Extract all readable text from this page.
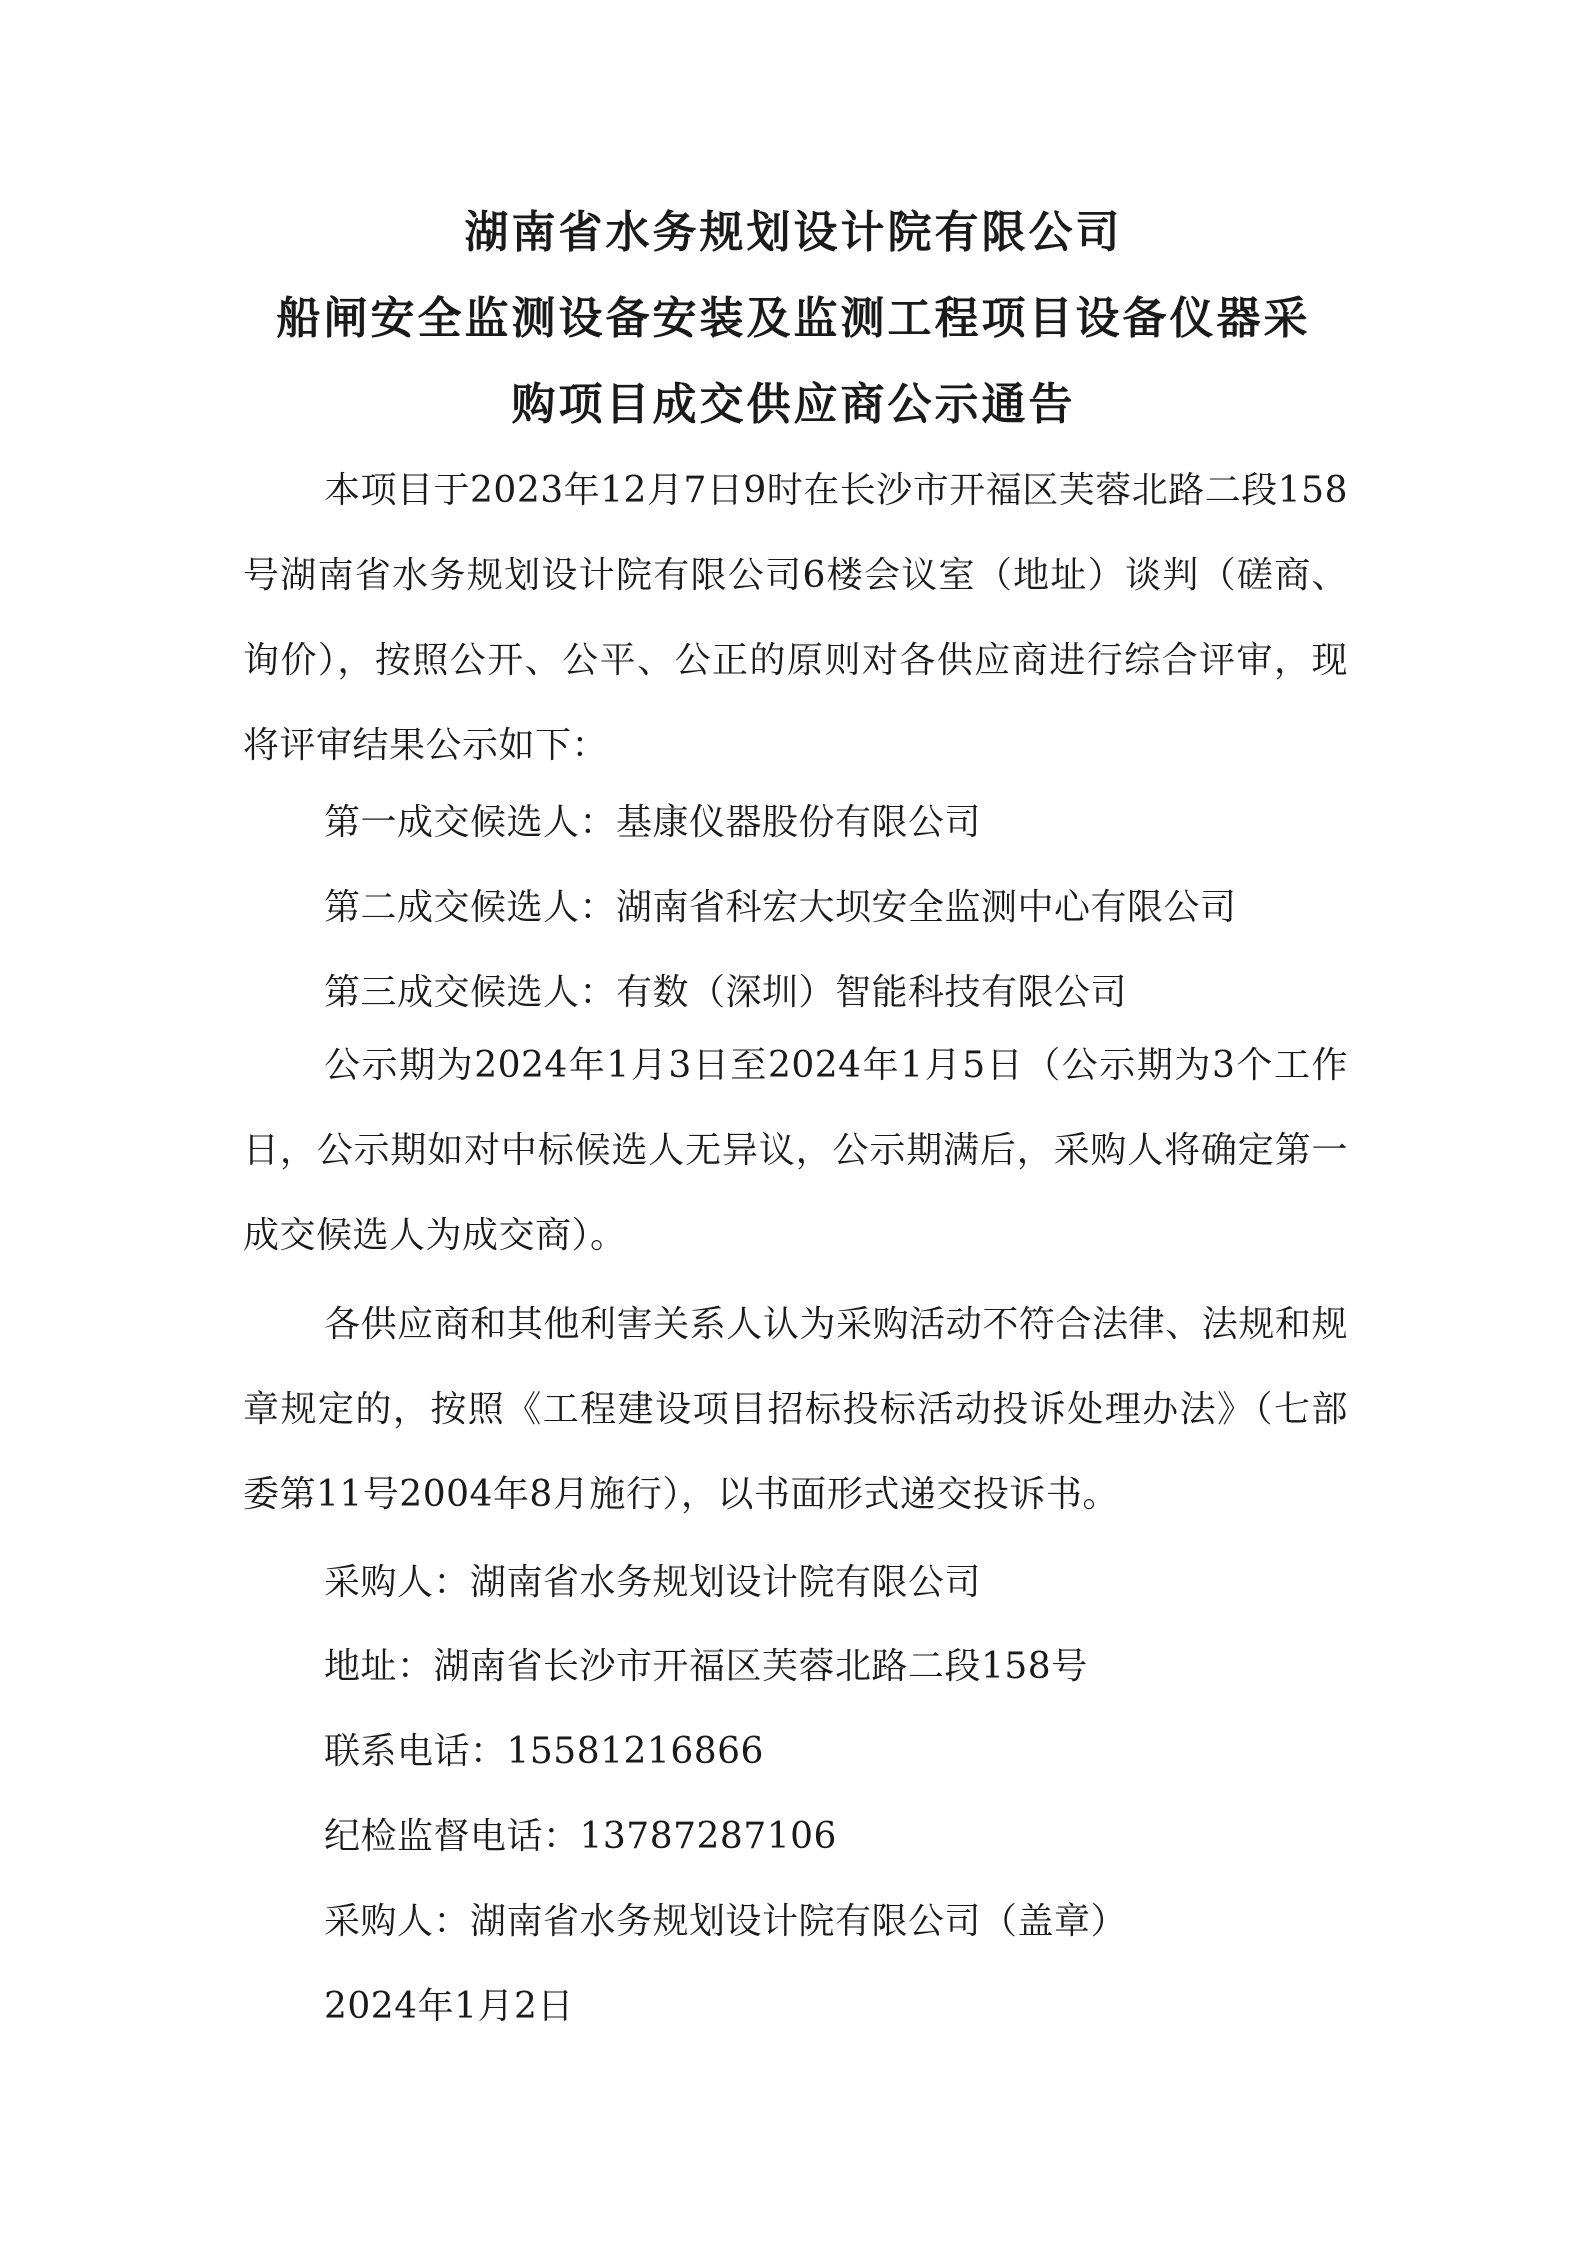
湖南省水务规划设计院有限公司
船闸安全监测设备安装及监测工程项目设备仪器采
购项目成交供应商公示通告

本项目于2023年12月7日9时在长沙市开福区芙蓉北路二段158号湖南省水务规划设计院有限公司6楼会议室（地址）谈判（磋商、询价），按照公开、公平、公正的原则对各供应商进行综合评审，现将评审结果公示如下：

第一成交候选人：基康仪器股份有限公司
第二成交候选人：湖南省科宏大坝安全监测中心有限公司
第三成交候选人：有数（深圳）智能科技有限公司

公示期为2024年1月3日至2024年1月5日（公示期为3个工作日，公示期如对中标候选人无异议，公示期满后，采购人将确定第一成交候选人为成交商）。

各供应商和其他利害关系人认为采购活动不符合法律、法规和规章规定的，按照《工程建设项目招标投标活动投诉处理办法》（七部委第11号2004年8月施行），以书面形式递交投诉书。

采购人：湖南省水务规划设计院有限公司
地址：湖南省长沙市开福区芙蓉北路二段158号
联系电话：15581216866
纪检监督电话：13787287106
采购人：湖南省水务规划设计院有限公司（盖章）
2024年1月2日
